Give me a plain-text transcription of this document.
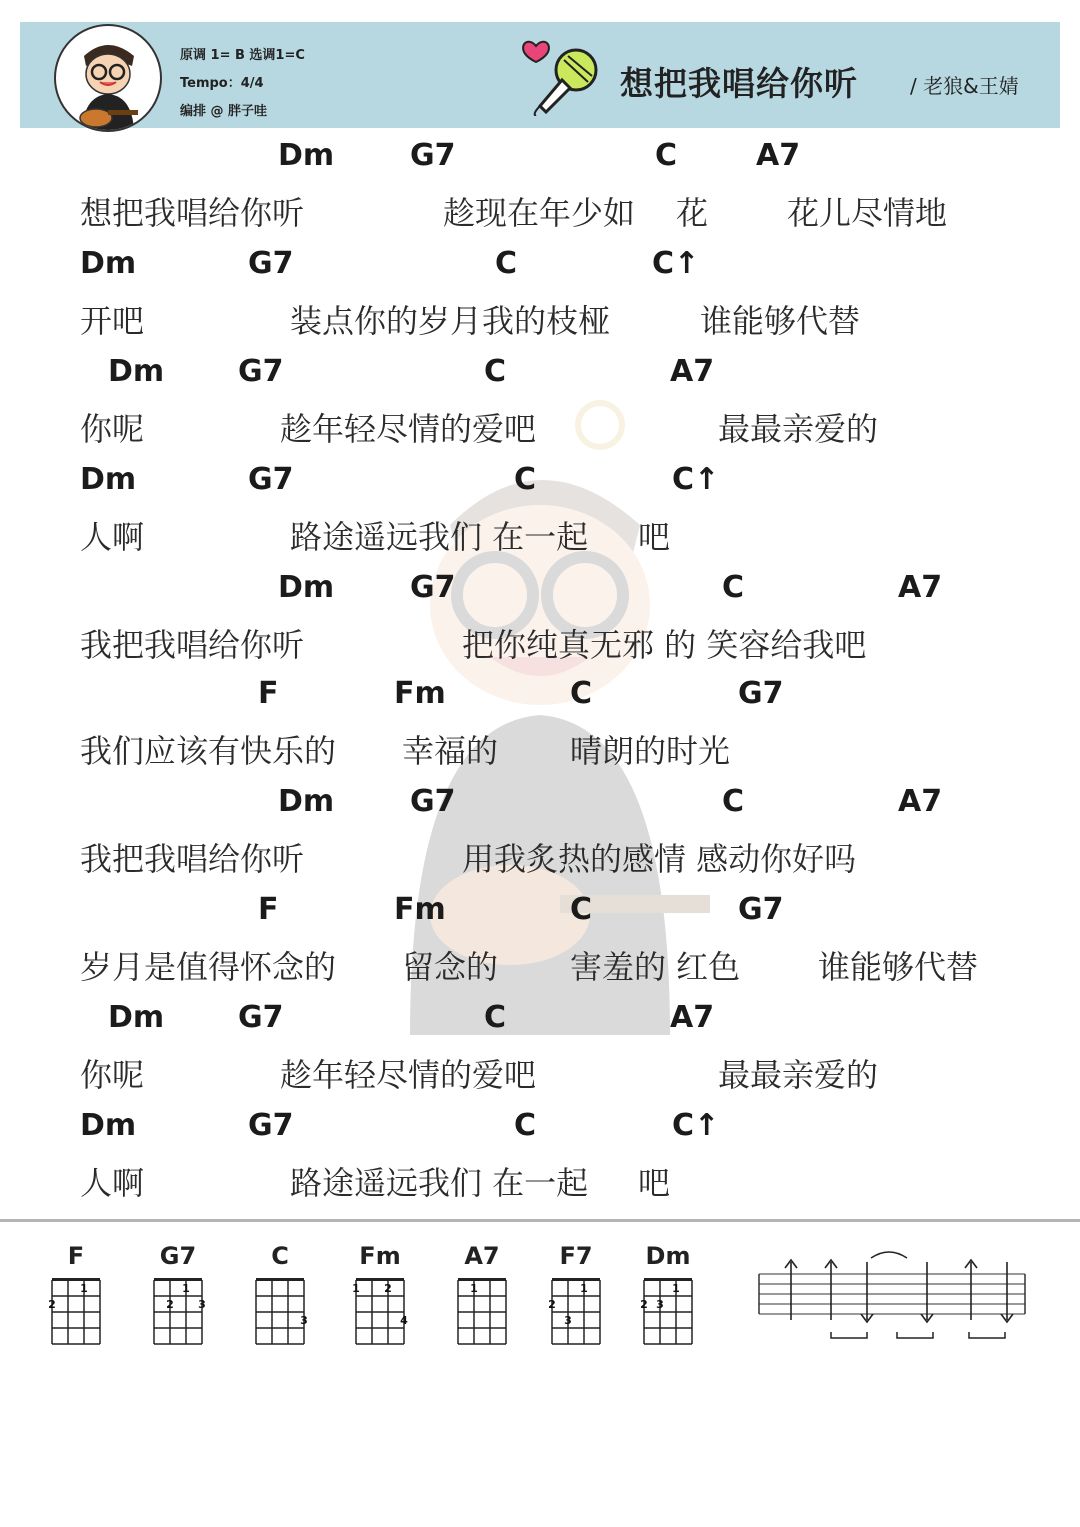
原调 1= B 选调1=C
Tempo：4/4
编排 @ 胖子哇
想把我唱给你听	/ 老狼&王婧
Dm	G7	C	A7
想把我唱给你听	趁现在年少如 花 花儿尽情地
Dm	G7	C	C↑
开吧	装点你的岁月我的枝桠	谁能够代替
Dm G7	C	A7
你呢	趁年轻尽情的爱吧	最最亲爱的
Dm	G7	C	C↑
人啊	路途遥远我们 在一起 吧
Dm	G7	C	A7
我把我唱给你听	把你纯真无邪 的 笑容给我吧
F	Fm	C	G7
我们应该有快乐的 幸福的 晴朗的时光
Dm	G7	C	A7
我把我唱给你听	用我炙热的感情 感动你好吗
F	Fm	C	G7
岁月是值得怀念的 留念的 害羞的 红色 谁能够代替
Dm G7	C	A7
你呢	趁年轻尽情的爱吧	最最亲爱的
Dm	G7	C	C↑
人啊	路途遥远我们 在一起 吧
F
2
1
G7
2
1
3
C
3
Fm
1 2
4
A7
1
F7
2
3
1
Dm
2 3
1
